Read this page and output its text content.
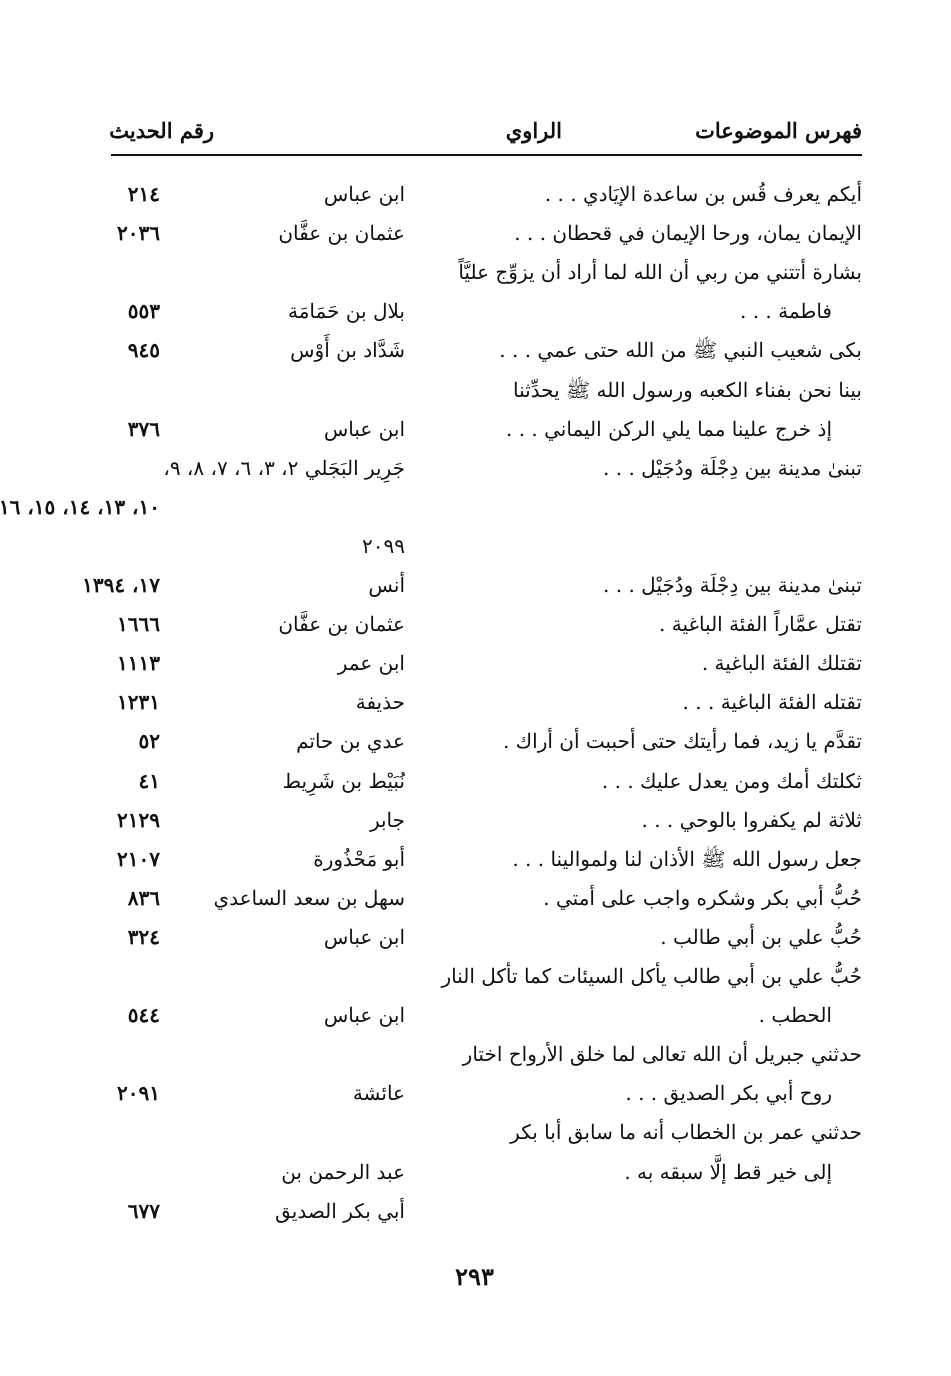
فهرس الموضوعات
الراوي
رقم الحديث
أيكم يعرف قُس بن ساعدة الإيَادي . . .
ابن عباس
٢١٤
الإيمان يمان، ورحا الإيمان في قحطان . . .
عثمان بن عفَّان
٢٠٣٦
بشارة أتتني من ربي أن الله لما أراد أن يزوِّج عليَّاً
فاطمة . . .
بلال بن حَمَامَة
٥٥٣
بكى شعيب النبي ﷺ من الله حتى عمي . . .
شَدَّاد بن أَوْس
٩٤٥
بينا نحن بفناء الكعبه ورسول الله ﷺ يحدِّثنا
إذ خرج علينا مما يلي الركن اليماني . . .
ابن عباس
٣٧٦
تبنىٰ مدينة بين دِجْلَة ودُجَيْل . . .
جَرِير البَجَلي ٢، ٣، ٦، ٧، ٨، ٩،
١٠، ١٣، ١٤، ١٥، ١٦
٢٠٩٩
تبنىٰ مدينة بين دِجْلَة ودُجَيْل . . .
أنس
١٧، ١٣٩٤
تقتل عمَّاراً الفئة الباغية .
عثمان بن عفَّان
١٦٦٦
تقتلك الفئة الباغية .
ابن عمر
١١١٣
تقتله الفئة الباغية . . .
حذيفة
١٢٣١
تقدَّم يا زيد، فما رأيتك حتى أحببت أن أراك .
عدي بن حاتم
٥٢
ثكلتك أمك ومن يعدل عليك . . .
نُبَيْط بن شَرِيط
٤١
ثلاثة لم يكفروا بالوحي . . .
جابر
٢١٢٩
جعل رسول الله ﷺ الأذان لنا ولموالينا . . .
أبو مَحْذُورة
٢١٠٧
حُبُّ أبي بكر وشكره واجب على أمتي .
سهل بن سعد الساعدي
٨٣٦
حُبُّ علي بن أبي طالب .
ابن عباس
٣٢٤
حُبُّ علي بن أبي طالب يأكل السيئات كما تأكل النار
الحطب .
ابن عباس
٥٤٤
حدثني جبريل أن الله تعالى لما خلق الأرواح اختار
روح أبي بكر الصديق . . .
عائشة
٢٠٩١
حدثني عمر بن الخطاب أنه ما سابق أبا بكر
إلى خير قط إلَّا سبقه به .
عبد الرحمن بن
أبي بكر الصديق
٦٧٧
٢٩٣
